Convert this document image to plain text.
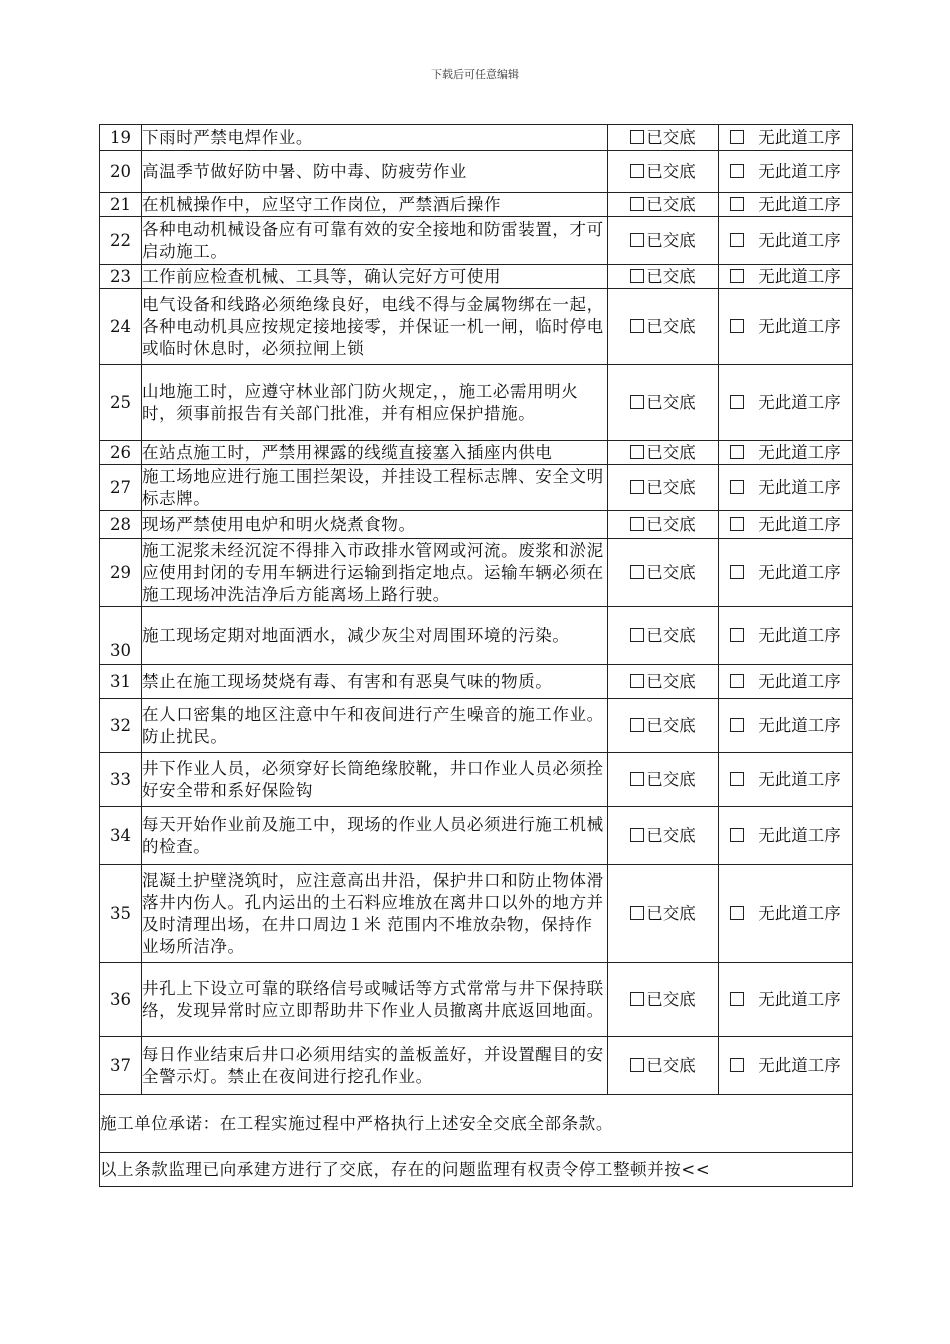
下载后可任意编辑
19	下雨时严禁电焊作业。	已交底	无此道工序
20	高温季节做好防中暑、防中毒、防疲劳作业	已交底	无此道工序
21	在机械操作中，应坚守工作岗位，严禁酒后操作	已交底	无此道工序
22	各种电动机械设备应有可靠有效的安全接地和防雷装置，才可启动施工。	已交底	无此道工序
23	工作前应检查机械、工具等，确认完好方可使用	已交底	无此道工序
24	电气设备和线路必须绝缘良好，电线不得与金属物绑在一起，各种电动机具应按规定接地接零，并保证一机一闸，临时停电或临时休息时，必须拉闸上锁	已交底	无此道工序
25	山地施工时，应遵守林业部门防火规定，，施工必需用明火时，须事前报告有关部门批准，并有相应保护措施。	已交底	无此道工序
26	在站点施工时，严禁用裸露的线缆直接塞入插座内供电	已交底	无此道工序
27	施工场地应进行施工围拦架设，并挂设工程标志牌、安全文明标志牌。	已交底	无此道工序
28	现场严禁使用电炉和明火烧煮食物。	已交底	无此道工序
29	施工泥浆未经沉淀不得排入市政排水管网或河流。废浆和淤泥应使用封闭的专用车辆进行运输到指定地点。运输车辆必须在施工现场冲洗洁净后方能离场上路行驶。	已交底	无此道工序
30	施工现场定期对地面洒水，减少灰尘对周围环境的污染。	已交底	无此道工序
31	禁止在施工现场焚烧有毒、有害和有恶臭气味的物质。	已交底	无此道工序
32	在人口密集的地区注意中午和夜间进行产生噪音的施工作业。防止扰民。	已交底	无此道工序
33	井下作业人员，必须穿好长筒绝缘胶靴，井口作业人员必须拴好安全带和系好保险钩	已交底	无此道工序
34	每天开始作业前及施工中，现场的作业人员必须进行施工机械的检查。	已交底	无此道工序
35	混凝土护壁浇筑时，应注意高出井沿，保护井口和防止物体滑落井内伤人。孔内运出的土石料应堆放在离井口以外的地方并及时清理出场，在井口周边１米 范围内不堆放杂物，保持作业场所洁净。	已交底	无此道工序
36	井孔上下设立可靠的联络信号或喊话等方式常常与井下保持联络，发现异常时应立即帮助井下作业人员撤离井底返回地面。	已交底	无此道工序
37	每日作业结束后井口必须用结实的盖板盖好，并设置醒目的安全警示灯。禁止在夜间进行挖孔作业。	已交底	无此道工序
施工单位承诺：在工程实施过程中严格执行上述安全交底全部条款。			
以上条款监理已向承建方进行了交底，存在的问题监理有权责令停工整顿并按<<			
